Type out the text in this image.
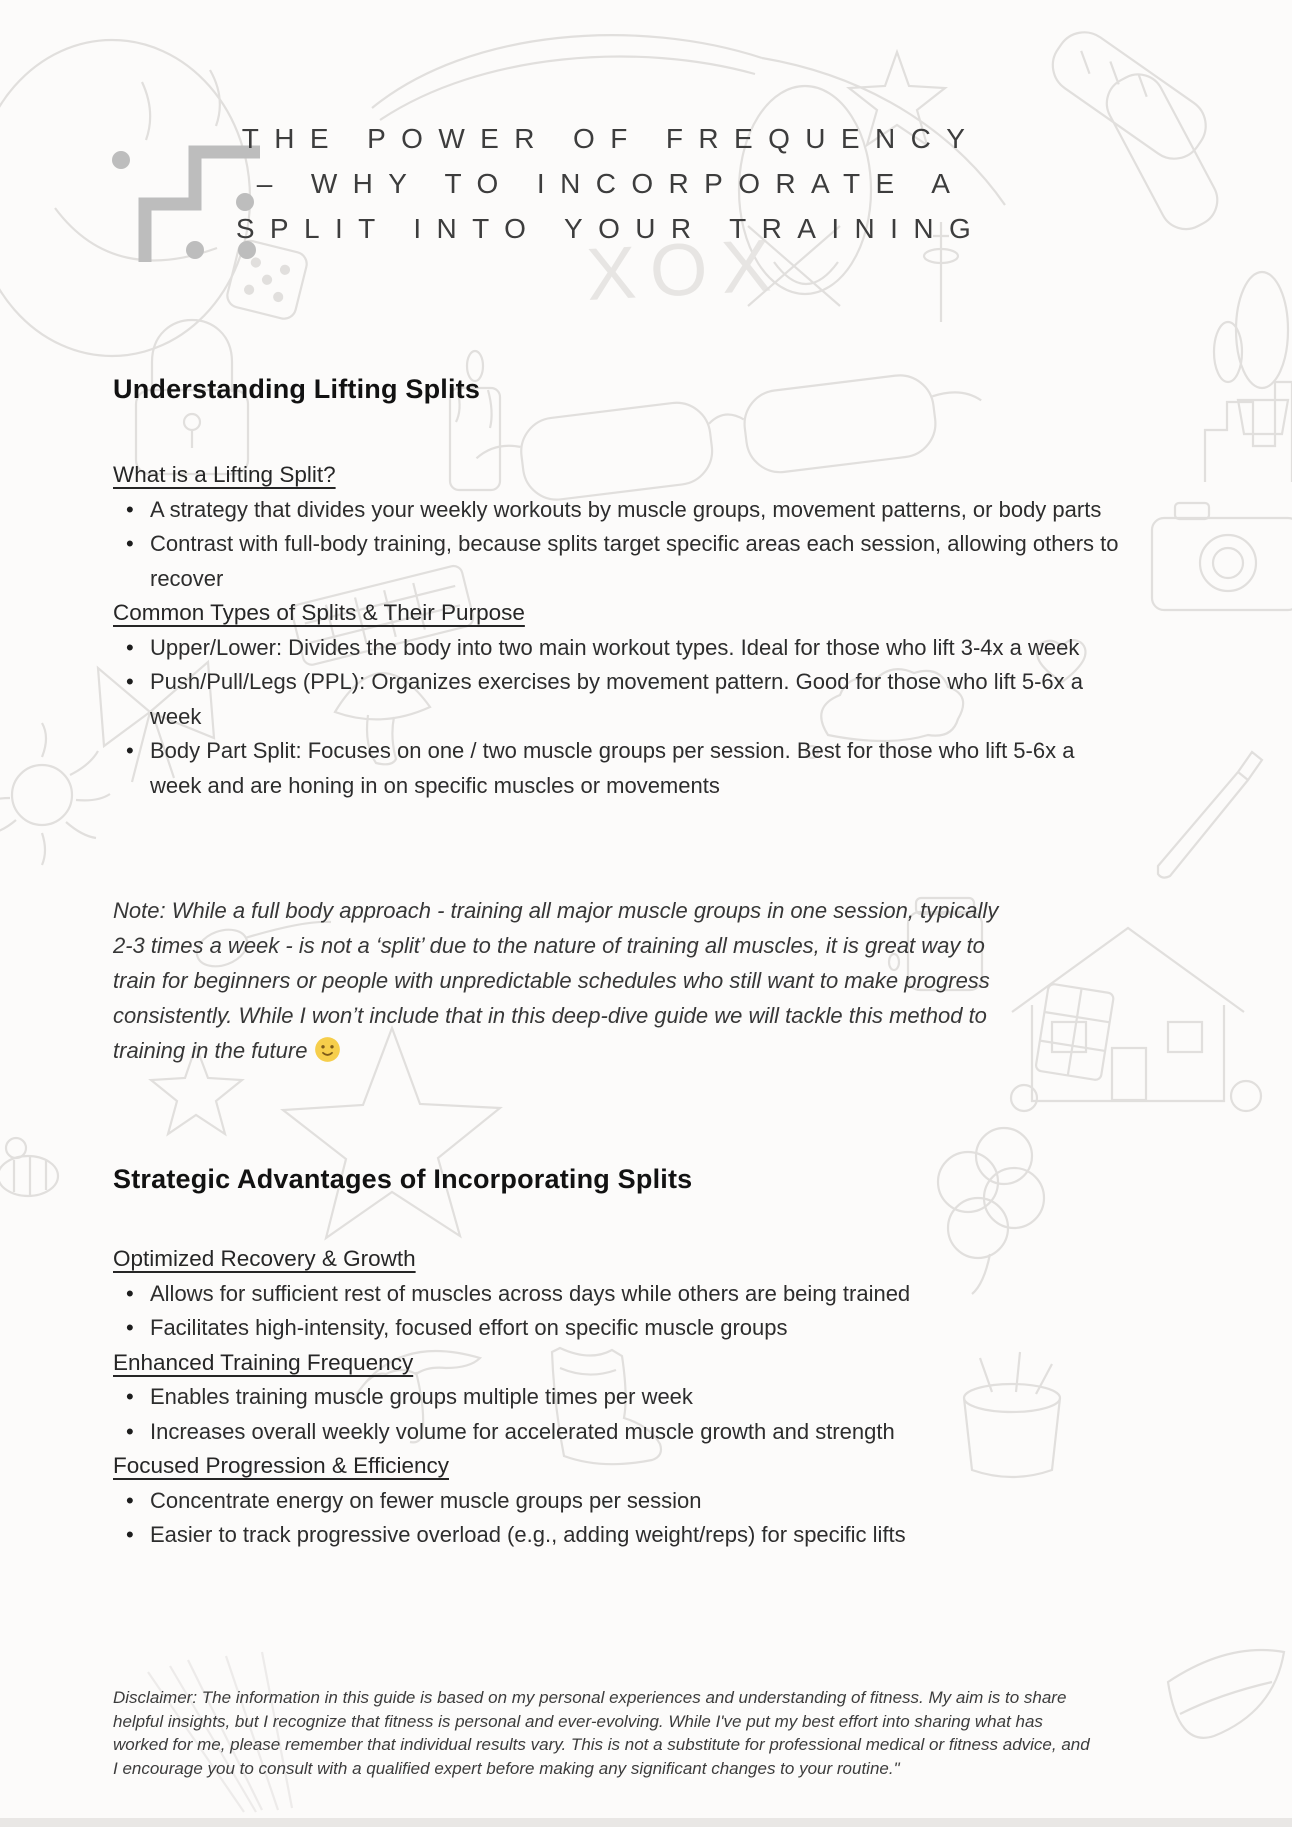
XOX
THE POWER OF FREQUENCY
– WHY TO INCORPORATE A
SPLIT INTO YOUR TRAINING
Understanding Lifting Splits
What is a Lifting Split?
• A strategy that divides your weekly workouts by muscle groups, movement patterns, or body parts
• Contrast with full-body training, because splits target specific areas each session, allowing others to recover
Common Types of Splits & Their Purpose
• Upper/Lower: Divides the body into two main workout types. Ideal for those who lift 3-4x a week
• Push/Pull/Legs (PPL): Organizes exercises by movement pattern. Good for those who lift 5-6x a week
• Body Part Split: Focuses on one / two muscle groups per session. Best for those who lift 5-6x a week and are honing in on specific muscles or movements
Note: While a full body approach - training all major muscle groups in one session, typically 2-3 times a week - is not a ‘split’ due to the nature of training all muscles, it is great way to train for beginners or people with unpredictable schedules who still want to make progress consistently. While I won’t include that in this deep-dive guide we will tackle this method to training in the future
Strategic Advantages of Incorporating Splits
Optimized Recovery & Growth
• Allows for sufficient rest of muscles across days while others are being trained
• Facilitates high-intensity, focused effort on specific muscle groups
Enhanced Training Frequency
• Enables training muscle groups multiple times per week
• Increases overall weekly volume for accelerated muscle growth and strength
Focused Progression & Efficiency
• Concentrate energy on fewer muscle groups per session
• Easier to track progressive overload (e.g., adding weight/reps) for specific lifts
Disclaimer: The information in this guide is based on my personal experiences and understanding of fitness. My aim is to share helpful insights, but I recognize that fitness is personal and ever-evolving. While I've put my best effort into sharing what has worked for me, please remember that individual results vary. This is not a substitute for professional medical or fitness advice, and I encourage you to consult with a qualified expert before making any significant changes to your routine."
